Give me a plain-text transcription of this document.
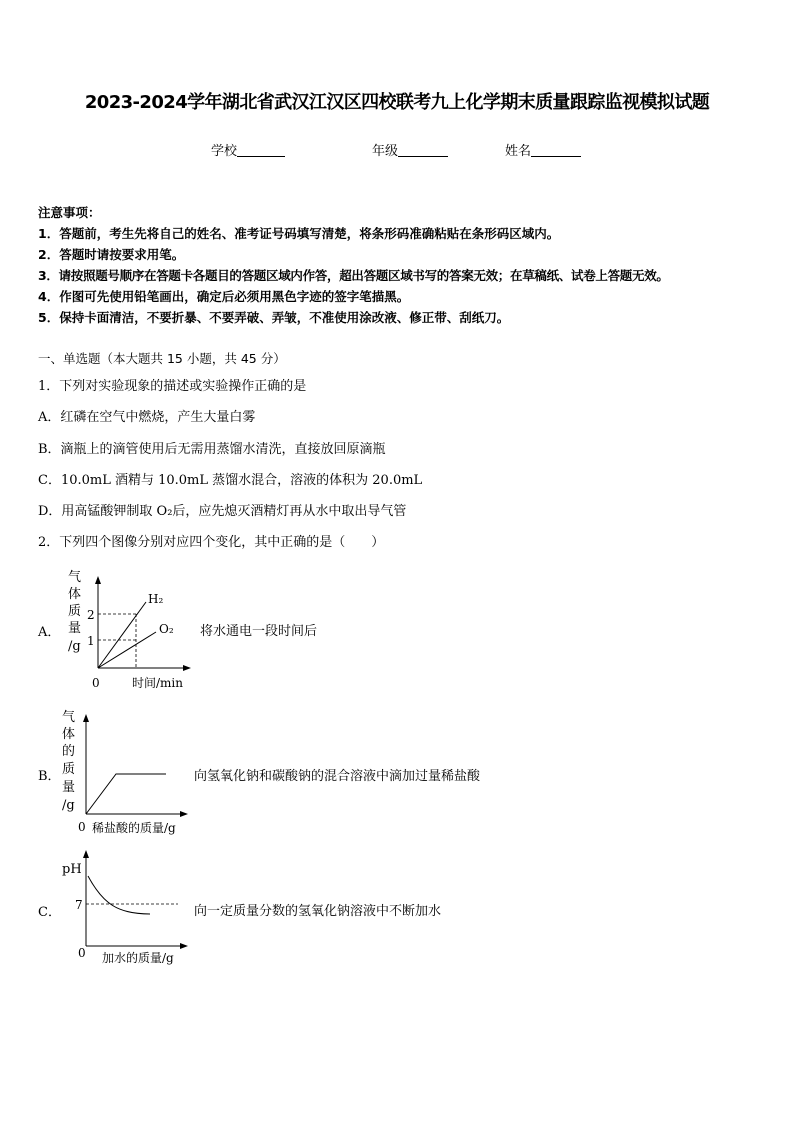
2023-2024学年湖北省武汉江汉区四校联考九上化学期末质量跟踪监视模拟试题
学校	年级	姓名
注意事项：
1．答题前，考生先将自己的姓名、准考证号码填写清楚，将条形码准确粘贴在条形码区域内。
2．答题时请按要求用笔。
3．请按照题号顺序在答题卡各题目的答题区域内作答，超出答题区域书写的答案无效；在草稿纸、试卷上答题无效。
4．作图可先使用铅笔画出，确定后必须用黑色字迹的签字笔描黑。
5．保持卡面清洁，不要折暴、不要弄破、弄皱，不准使用涂改液、修正带、刮纸刀。
一、单选题（本大题共 15 小题，共 45 分）
1．下列对实验现象的描述或实验操作正确的是
A．红磷在空气中燃烧，产生大量白雾
B．滴瓶上的滴管使用后无需用蒸馏水清洗，直接放回原滴瓶
C．10.0mL 酒精与 10.0mL 蒸馏水混合，溶液的体积为 20.0mL
D．用高锰酸钾制取 O₂后，应先熄灭酒精灯再从水中取出导气管
2．下列四个图像分别对应四个变化，其中正确的是（　　）
A．
气
体
质
量
/g
2
1
H₂
O₂
0	时间/min
将水通电一段时间后
B．
气
体
的
质
量
/g
0 稀盐酸的质量/g
向氢氧化钠和碳酸钠的混合溶液中滴加过量稀盐酸
C．
pH
7
0 加水的质量/g
向一定质量分数的氢氧化钠溶液中不断加水
